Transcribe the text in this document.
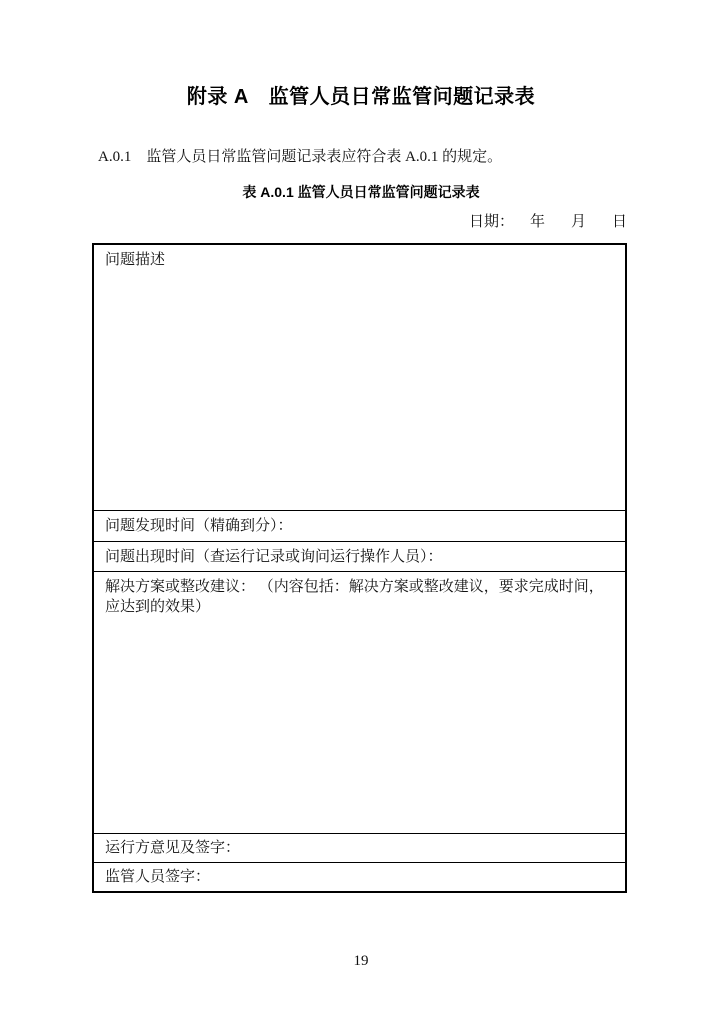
附录 A　监管人员日常监管问题记录表
A.0.1　监管人员日常监管问题记录表应符合表 A.0.1 的规定。
表 A.0.1 监管人员日常监管问题记录表
日期： 年 月 日
问题描述
问题发现时间（精确到分）：
问题出现时间（查运行记录或询问运行操作人员）：
解决方案或整改建议： （内容包括：解决方案或整改建议，要求完成时间，应达到的效果）
运行方意见及签字：
监管人员签字：
19
